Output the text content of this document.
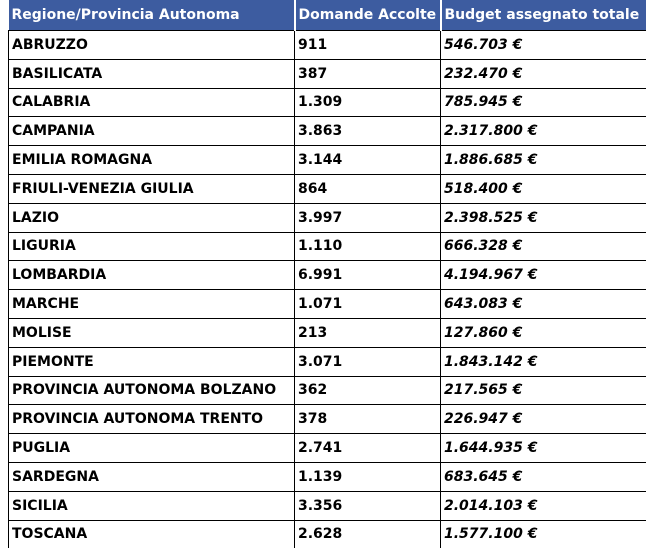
Regione/Provincia Autonoma	Domande Accolte	Budget assegnato totale
ABRUZZO	911	546.703 €
BASILICATA	387	232.470 €
CALABRIA	1.309	785.945 €
CAMPANIA	3.863	2.317.800 €
EMILIA ROMAGNA	3.144	1.886.685 €
FRIULI-VENEZIA GIULIA	864	518.400 €
LAZIO	3.997	2.398.525 €
LIGURIA	1.110	666.328 €
LOMBARDIA	6.991	4.194.967 €
MARCHE	1.071	643.083 €
MOLISE	213	127.860 €
PIEMONTE	3.071	1.843.142 €
PROVINCIA AUTONOMA BOLZANO	362	217.565 €
PROVINCIA AUTONOMA TRENTO	378	226.947 €
PUGLIA	2.741	1.644.935 €
SARDEGNA	1.139	683.645 €
SICILIA	3.356	2.014.103 €
TOSCANA	2.628	1.577.100 €
